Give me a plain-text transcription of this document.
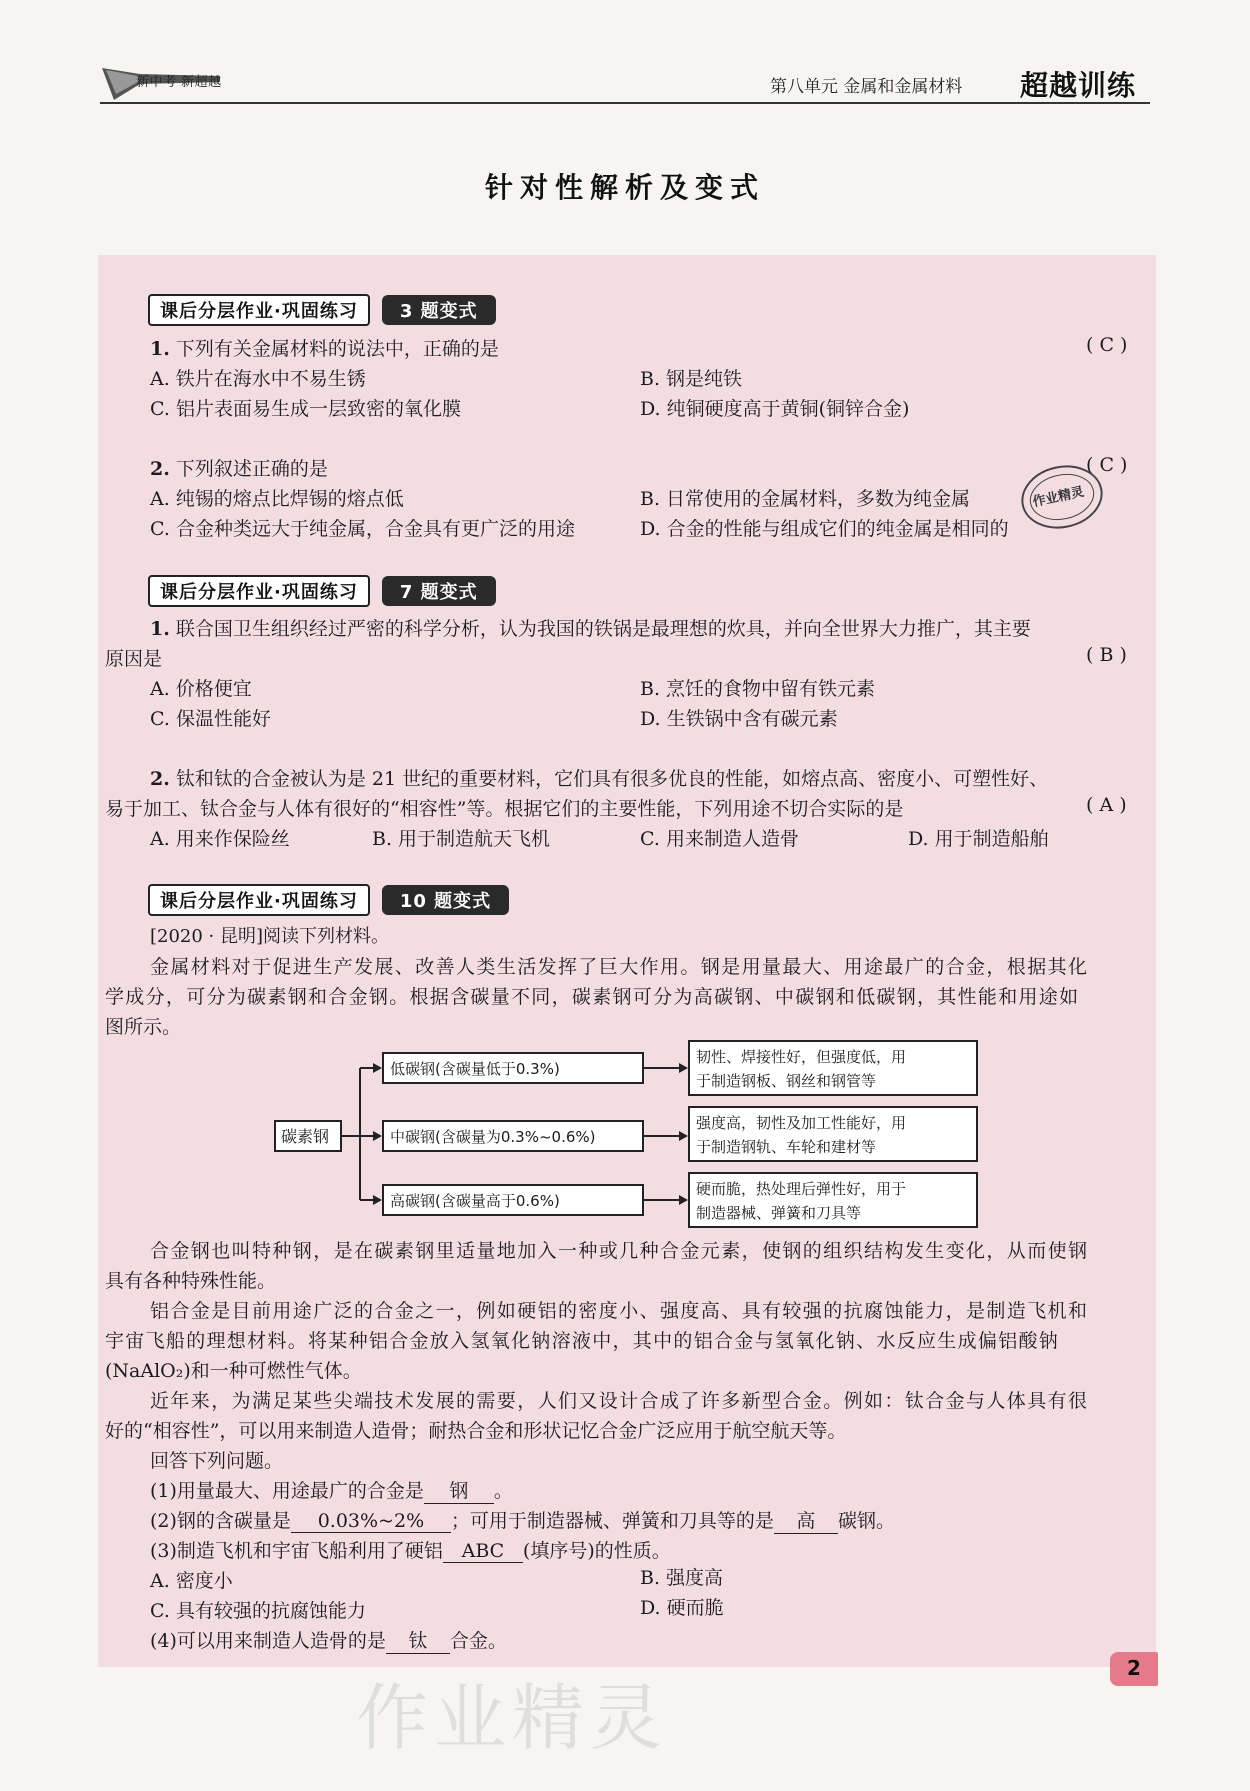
新中考 新超越	第八单元 金属和金属材料 超越训练
针对性解析及变式
课后分层作业·巩固练习	3 题变式
1. 下列有关金属材料的说法中，正确的是	( C )
A. 铁片在海水中不易生锈	B. 钢是纯铁
C. 铝片表面易生成一层致密的氧化膜	D. 纯铜硬度高于黄铜(铜锌合金)
2. 下列叙述正确的是	( C )
A. 纯锡的熔点比焊锡的熔点低	B. 日常使用的金属材料，多数为纯金属
C. 合金种类远大于纯金属，合金具有更广泛的用途	D. 合金的性能与组成它们的纯金属是相同的
作业精灵
课后分层作业·巩固练习	7 题变式
1. 联合国卫生组织经过严密的科学分析，认为我国的铁锅是最理想的炊具，并向全世界大力推广，其主要
原因是	( B )
A. 价格便宜	B. 烹饪的食物中留有铁元素
C. 保温性能好	D. 生铁锅中含有碳元素
2. 钛和钛的合金被认为是 21 世纪的重要材料，它们具有很多优良的性能，如熔点高、密度小、可塑性好、
易于加工、钛合金与人体有很好的“相容性”等。根据它们的主要性能，下列用途不切合实际的是	( A )
A. 用来作保险丝	B. 用于制造航天飞机	C. 用来制造人造骨	D. 用于制造船舶
课后分层作业·巩固练习	10 题变式
[2020 · 昆明]阅读下列材料。
金属材料对于促进生产发展、改善人类生活发挥了巨大作用。钢是用量最大、用途最广的合金，根据其化
学成分，可分为碳素钢和合金钢。根据含碳量不同，碳素钢可分为高碳钢、中碳钢和低碳钢，其性能和用途如
图所示。
碳素钢
低碳钢(含碳量低于0.3%)
中碳钢(含碳量为0.3%~0.6%)
高碳钢(含碳量高于0.6%)
韧性、焊接性好，但强度低，用
于制造钢板、钢丝和钢管等
强度高，韧性及加工性能好，用
于制造钢轨、车轮和建材等
硬而脆，热处理后弹性好，用于
制造器械、弹簧和刀具等
合金钢也叫特种钢，是在碳素钢里适量地加入一种或几种合金元素，使钢的组织结构发生变化，从而使钢
具有各种特殊性能。
铝合金是目前用途广泛的合金之一，例如硬铝的密度小、强度高、具有较强的抗腐蚀能力，是制造飞机和
宇宙飞船的理想材料。将某种铝合金放入氢氧化钠溶液中，其中的铝合金与氢氧化钠、水反应生成偏铝酸钠
(NaAlO₂)和一种可燃性气体。
近年来，为满足某些尖端技术发展的需要，人们又设计合成了许多新型合金。例如：钛合金与人体具有很
好的“相容性”，可以用来制造人造骨；耐热合金和形状记忆合金广泛应用于航空航天等。
回答下列问题。
(1)用量最大、用途最广的合金是 钢 。
(2)钢的含碳量是 0.03%~2% ；可用于制造器械、弹簧和刀具等的是 高 碳钢。
(3)制造飞机和宇宙飞船利用了硬铝 ABC (填序号)的性质。
A. 密度小	B. 强度高
C. 具有较强的抗腐蚀能力	D. 硬而脆
(4)可以用来制造人造骨的是 钛 合金。
作业精灵
2
